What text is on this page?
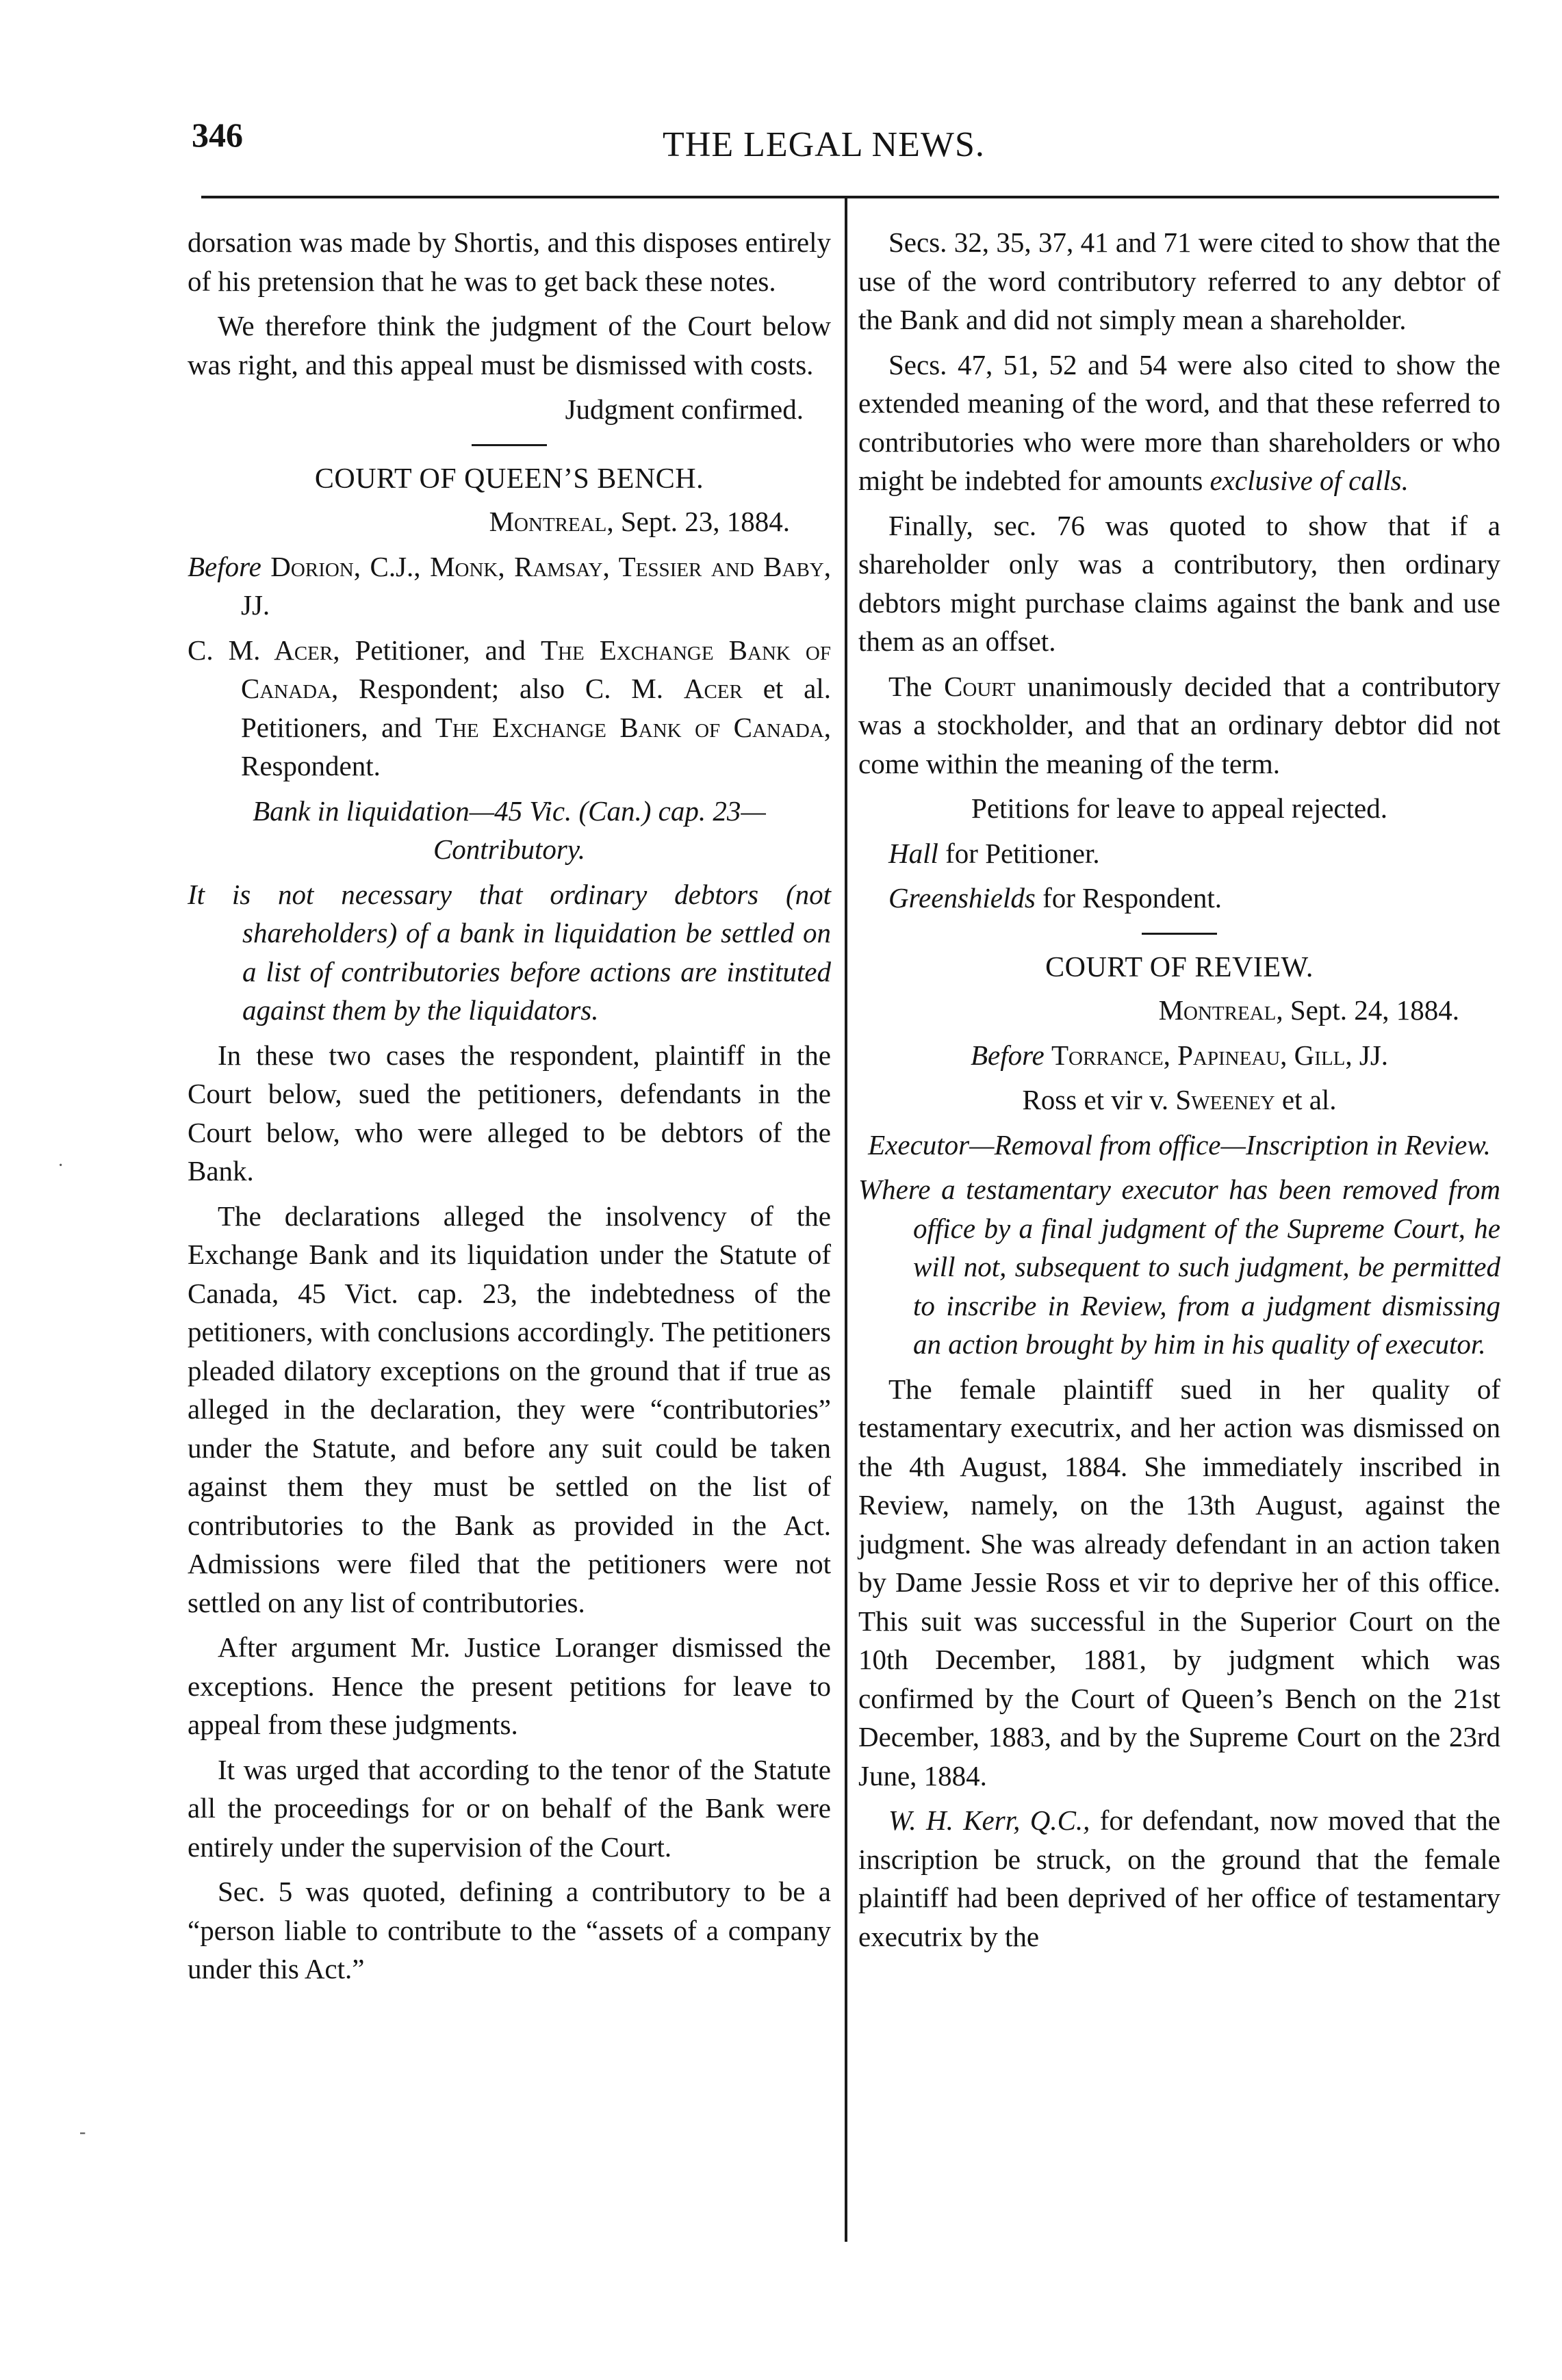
346	THE LEGAL NEWS.

dorsation was made by Shortis, and this disposes entirely of his pretension that he was to get back these notes.

We therefore think the judgment of the Court below was right, and this appeal must be dismissed with costs.

Judgment confirmed.

COURT OF QUEEN’S BENCH.

Montreal, Sept. 23, 1884.

Before Dorion, C.J., Monk, Ramsay, Tessier and Baby, JJ.

C. M. Acer, Petitioner, and The Exchange Bank of Canada, Respondent; also C. M. Acer et al. Petitioners, and The Exchange Bank of Canada, Respondent.

Bank in liquidation—45 Vic. (Can.) cap. 23—Contributory.

It is not necessary that ordinary debtors (not shareholders) of a bank in liquidation be settled on a list of contributories before actions are instituted against them by the liquidators.

In these two cases the respondent, plaintiff in the Court below, sued the petitioners, defendants in the Court below, who were alleged to be debtors of the Bank.

The declarations alleged the insolvency of the Exchange Bank and its liquidation under the Statute of Canada, 45 Vict. cap. 23, the indebtedness of the petitioners, with conclusions accordingly. The petitioners pleaded dilatory exceptions on the ground that if true as alleged in the declaration, they were “contributories” under the Statute, and before any suit could be taken against them they must be settled on the list of contributories to the Bank as provided in the Act. Admissions were filed that the petitioners were not settled on any list of contributories.

After argument Mr. Justice Loranger dismissed the exceptions. Hence the present petitions for leave to appeal from these judgments.

It was urged that according to the tenor of the Statute all the proceedings for or on behalf of the Bank were entirely under the supervision of the Court.

Sec. 5 was quoted, defining a contributory to be a “person liable to contribute to the “assets of a company under this Act.”

Secs. 32, 35, 37, 41 and 71 were cited to show that the use of the word contributory referred to any debtor of the Bank and did not simply mean a shareholder.

Secs. 47, 51, 52 and 54 were also cited to show the extended meaning of the word, and that these referred to contributories who were more than shareholders or who might be indebted for amounts exclusive of calls.

Finally, sec. 76 was quoted to show that if a shareholder only was a contributory, then ordinary debtors might purchase claims against the bank and use them as an offset.

The Court unanimously decided that a contributory was a stockholder, and that an ordinary debtor did not come within the meaning of the term.

Petitions for leave to appeal rejected.

Hall for Petitioner.

Greenshields for Respondent.

COURT OF REVIEW.

Montreal, Sept. 24, 1884.

Before Torrance, Papineau, Gill, JJ.

Ross et vir v. Sweeney et al.

Executor—Removal from office—Inscription in Review.

Where a testamentary executor has been removed from office by a final judgment of the Supreme Court, he will not, subsequent to such judgment, be permitted to inscribe in Review, from a judgment dismissing an action brought by him in his quality of executor.

The female plaintiff sued in her quality of testamentary executrix, and her action was dismissed on the 4th August, 1884. She immediately inscribed in Review, namely, on the 13th August, against the judgment. She was already defendant in an action taken by Dame Jessie Ross et vir to deprive her of this office. This suit was successful in the Superior Court on the 10th December, 1881, by judgment which was confirmed by the Court of Queen’s Bench on the 21st December, 1883, and by the Supreme Court on the 23rd June, 1884.

W. H. Kerr, Q.C., for defendant, now moved that the inscription be struck, on the ground that the female plaintiff had been deprived of her office of testamentary executrix by the

·
‐
